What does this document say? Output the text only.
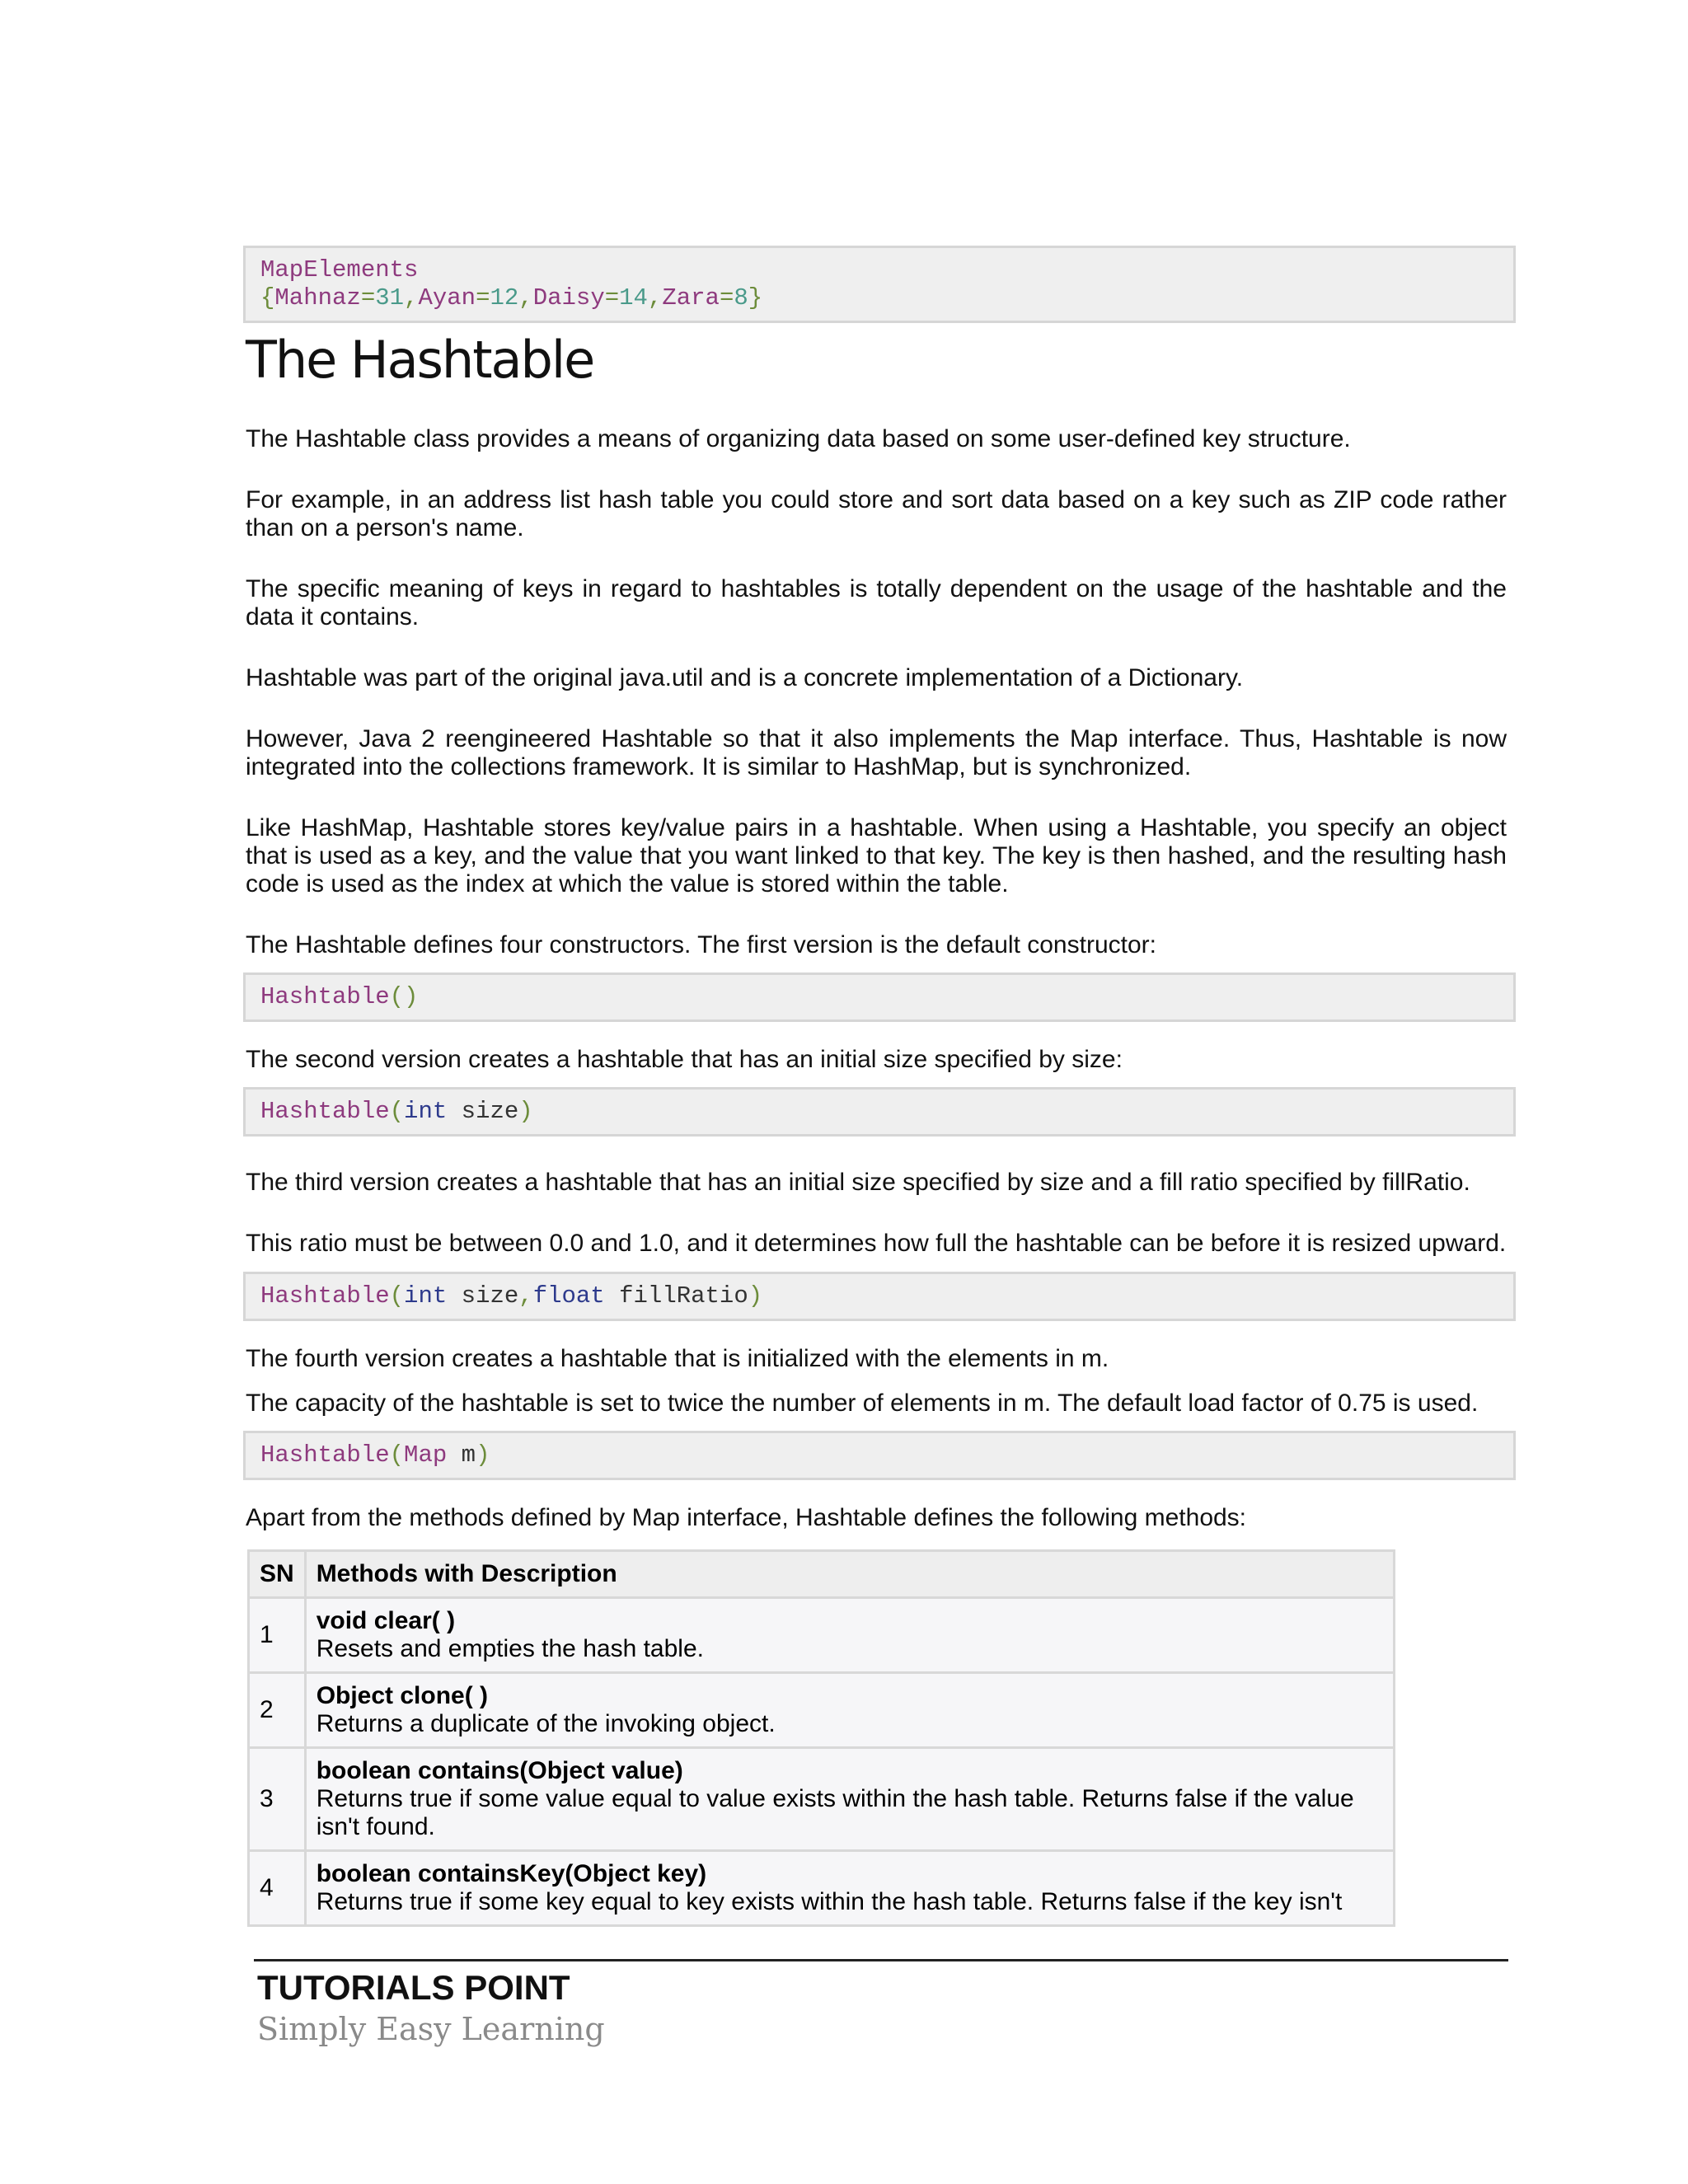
MapElements
{Mahnaz=31,Ayan=12,Daisy=14,Zara=8}
The Hashtable

The Hashtable class provides a means of organizing data based on some user-defined key structure.

For example, in an address list hash table you could store and sort data based on a key such as ZIP code rather than on a person's name.

The specific meaning of keys in regard to hashtables is totally dependent on the usage of the hashtable and the data it contains.

Hashtable was part of the original java.util and is a concrete implementation of a Dictionary.

However, Java 2 reengineered Hashtable so that it also implements the Map interface. Thus, Hashtable is now integrated into the collections framework. It is similar to HashMap, but is synchronized.

Like HashMap, Hashtable stores key/value pairs in a hashtable. When using a Hashtable, you specify an object that is used as a key, and the value that you want linked to that key. The key is then hashed, and the resulting hash code is used as the index at which the value is stored within the table.

The Hashtable defines four constructors. The first version is the default constructor:

Hashtable()

The second version creates a hashtable that has an initial size specified by size:

Hashtable(int size)

The third version creates a hashtable that has an initial size specified by size and a fill ratio specified by fillRatio.

This ratio must be between 0.0 and 1.0, and it determines how full the hashtable can be before it is resized upward.

Hashtable(int size,float fillRatio)

The fourth version creates a hashtable that is initialized with the elements in m.

The capacity of the hashtable is set to twice the number of elements in m. The default load factor of 0.75 is used.

Hashtable(Map m)

Apart from the methods defined by Map interface, Hashtable defines the following methods:

SN	Methods with Description
1	void clear( )
Resets and empties the hash table.
2	Object clone( )
Returns a duplicate of the invoking object.
3	boolean contains(Object value)
Returns true if some value equal to value exists within the hash table. Returns false if the value isn't found.
4	boolean containsKey(Object key)
Returns true if some key equal to key exists within the hash table. Returns false if the key isn't
TUTORIALS POINT
Simply Easy Learning
